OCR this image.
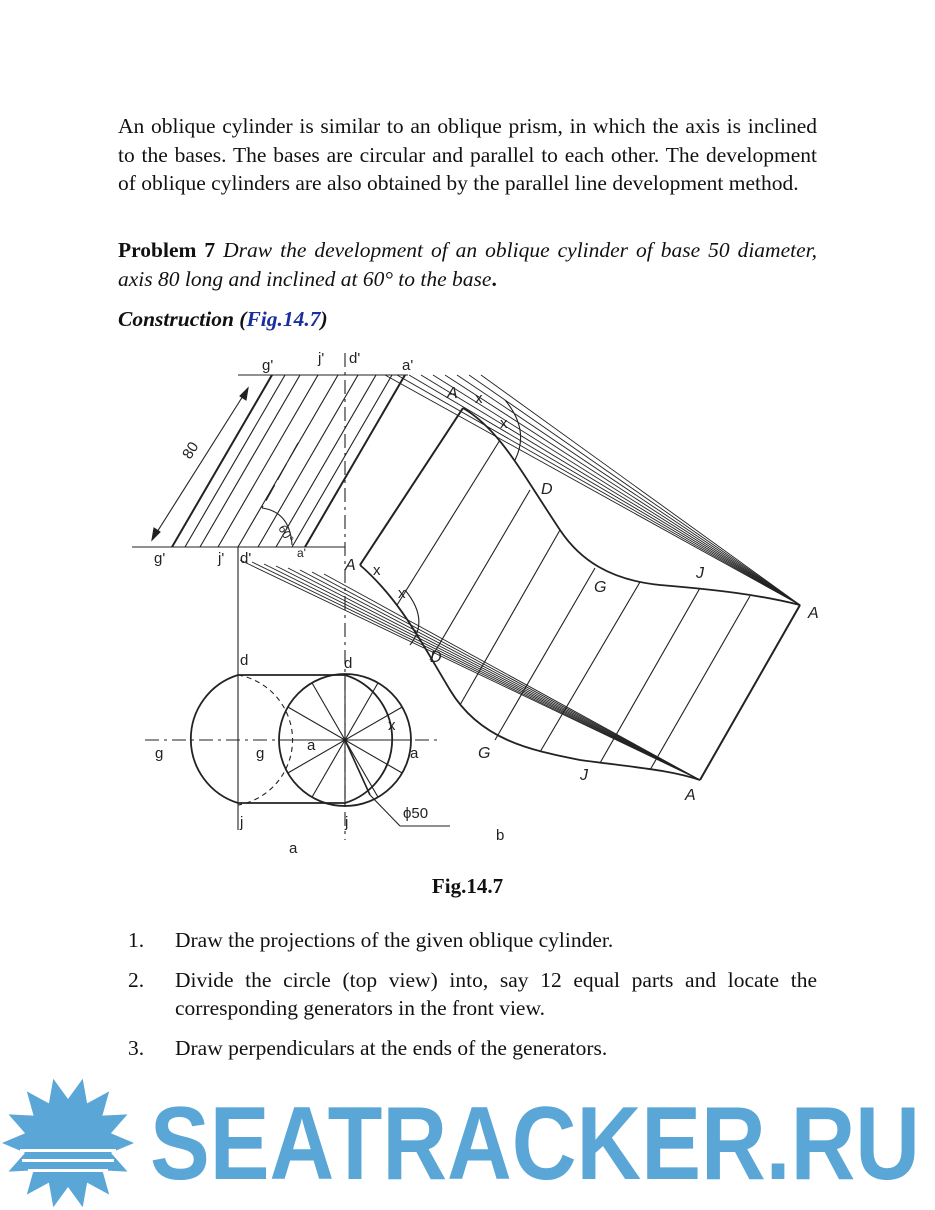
An oblique cylinder is similar to an oblique prism, in which the axis is inclined to the bases. The bases are circular and parallel to each other. The development of oblique cylinders are also obtained by the parallel line development method.

Problem 7 Draw the development of an oblique cylinder of base 50 diameter, axis 80 long and inclined at 60° to the base.

Construction (Fig.14.7)

g'	j' d'	a'
g'	j' d'	a'
80
60°
d	d
g	g	a	a
j	j
x
ϕ50
x
x
x
x
A
D
G
J
A
A
D
G
J
A
b
a
Fig.14.7
1. Draw the projections of the given oblique cylinder.
2. Divide the circle (top view) into, say 12 equal parts and locate the corresponding generators in the front view.
3. Draw perpendiculars at the ends of the generators.
SEATRACKER.RU
